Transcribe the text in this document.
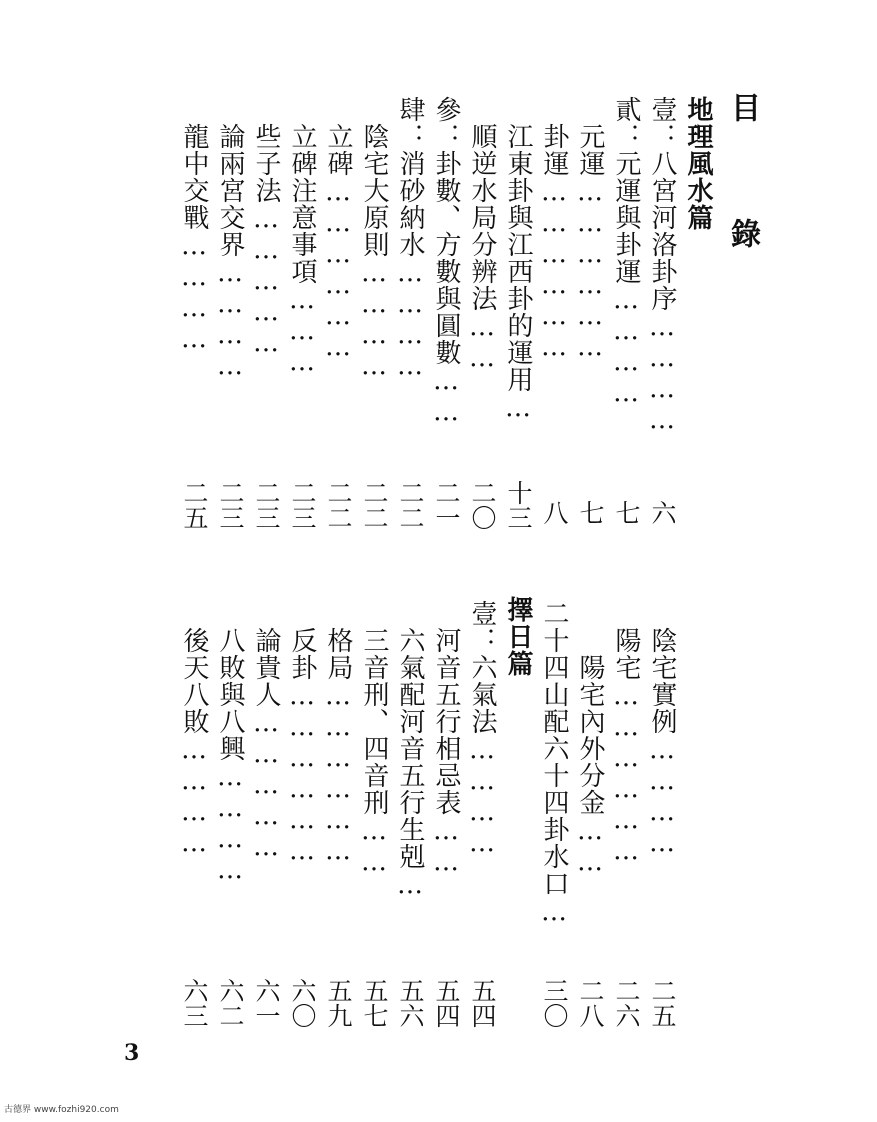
目錄
地理風水篇
壹：八宮河洛卦序…………
六
貳：元運與卦運…………
七
　元運………………
七
　卦運………………
八
　江東卦與江西卦的運用…
十三
　順逆水局分辨法……
二〇
參：卦數、方數與圓數……
二一
肆：消砂納水…………
二二
　陰宅大原則…………
二二
　立碑………………
二二
　立碑注意事項………
二三
　些子法……………
二三
　論兩宮交界…………
二三
　龍中交戰…………
二五
　陰宅實例…………
二五
　陽宅………………
二六
　　陽宅內外分金……
二八
二十四山配六十四卦水口…
三〇
擇日篇
壹：六氣法…………
五四
　河音五行相忌表……
五四
　六氣配河音五行生剋…
五六
　三音刑、四音刑……
五七
　格局………………
五九
　反卦………………
六〇
　論貴人……………
六一
　八敗與八興…………
六二
　後天八敗…………
六三
3
古德界 www.fozhi920.com
